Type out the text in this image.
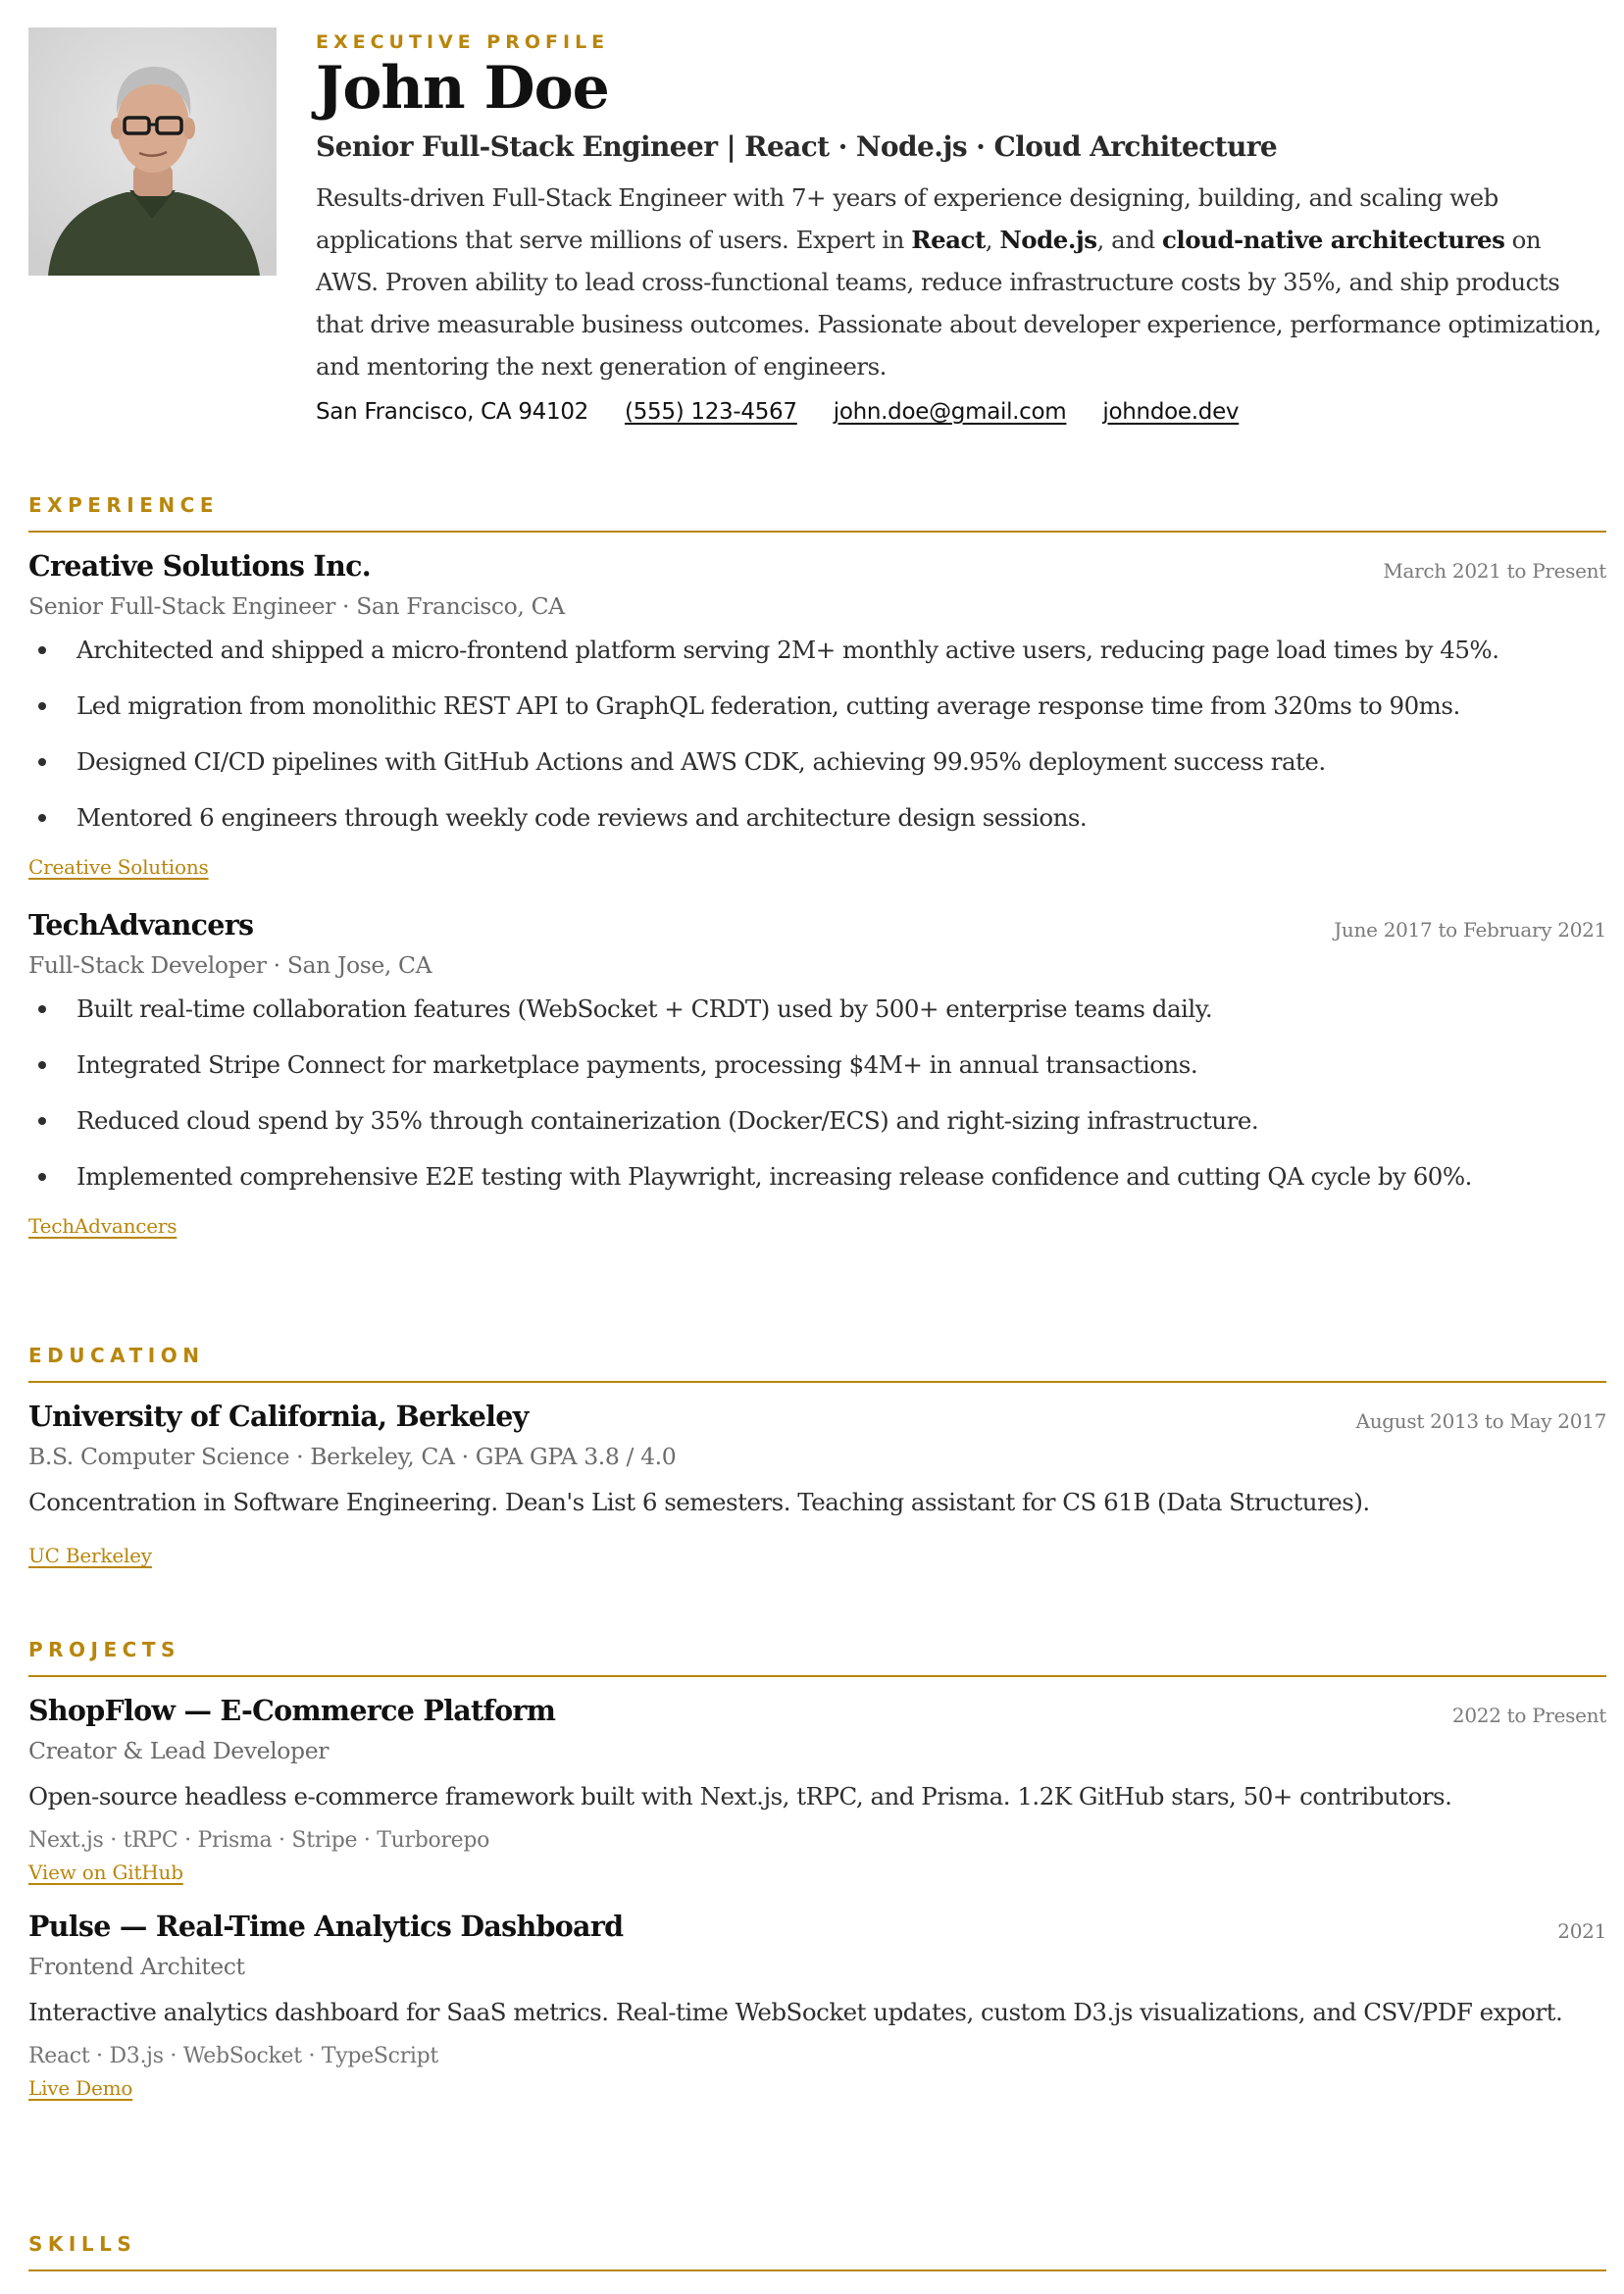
EXECUTIVE PROFILE
John Doe
Senior Full-Stack Engineer | React · Node.js · Cloud Architecture
Results-driven Full-Stack Engineer with 7+ years of experience designing, building, and scaling web applications that serve millions of users. Expert in React, Node.js, and cloud-native architectures on AWS. Proven ability to lead cross-functional teams, reduce infrastructure costs by 35%, and ship products that drive measurable business outcomes. Passionate about developer experience, performance optimization, and mentoring the next generation of engineers.
San Francisco, CA 94102 (555) 123-4567 john.doe@gmail.com johndoe.dev
EXPERIENCE
Creative Solutions Inc.	March 2021 to Present
Senior Full-Stack Engineer · San Francisco, CA
Architected and shipped a micro-frontend platform serving 2M+ monthly active users, reducing page load times by 45%.
Led migration from monolithic REST API to GraphQL federation, cutting average response time from 320ms to 90ms.
Designed CI/CD pipelines with GitHub Actions and AWS CDK, achieving 99.95% deployment success rate.
Mentored 6 engineers through weekly code reviews and architecture design sessions.
Creative Solutions
TechAdvancers	June 2017 to February 2021
Full-Stack Developer · San Jose, CA
Built real-time collaboration features (WebSocket + CRDT) used by 500+ enterprise teams daily.
Integrated Stripe Connect for marketplace payments, processing $4M+ in annual transactions.
Reduced cloud spend by 35% through containerization (Docker/ECS) and right-sizing infrastructure.
Implemented comprehensive E2E testing with Playwright, increasing release confidence and cutting QA cycle by 60%.
TechAdvancers
EDUCATION
University of California, Berkeley	August 2013 to May 2017
B.S. Computer Science · Berkeley, CA · GPA GPA 3.8 / 4.0
Concentration in Software Engineering. Dean's List 6 semesters. Teaching assistant for CS 61B (Data Structures).
UC Berkeley
PROJECTS
ShopFlow — E-Commerce Platform	2022 to Present
Creator & Lead Developer
Open-source headless e-commerce framework built with Next.js, tRPC, and Prisma. 1.2K GitHub stars, 50+ contributors.
Next.js · tRPC · Prisma · Stripe · Turborepo
View on GitHub
Pulse — Real-Time Analytics Dashboard	2021
Frontend Architect
Interactive analytics dashboard for SaaS metrics. Real-time WebSocket updates, custom D3.js visualizations, and CSV/PDF export.
React · D3.js · WebSocket · TypeScript
Live Demo
SKILLS
